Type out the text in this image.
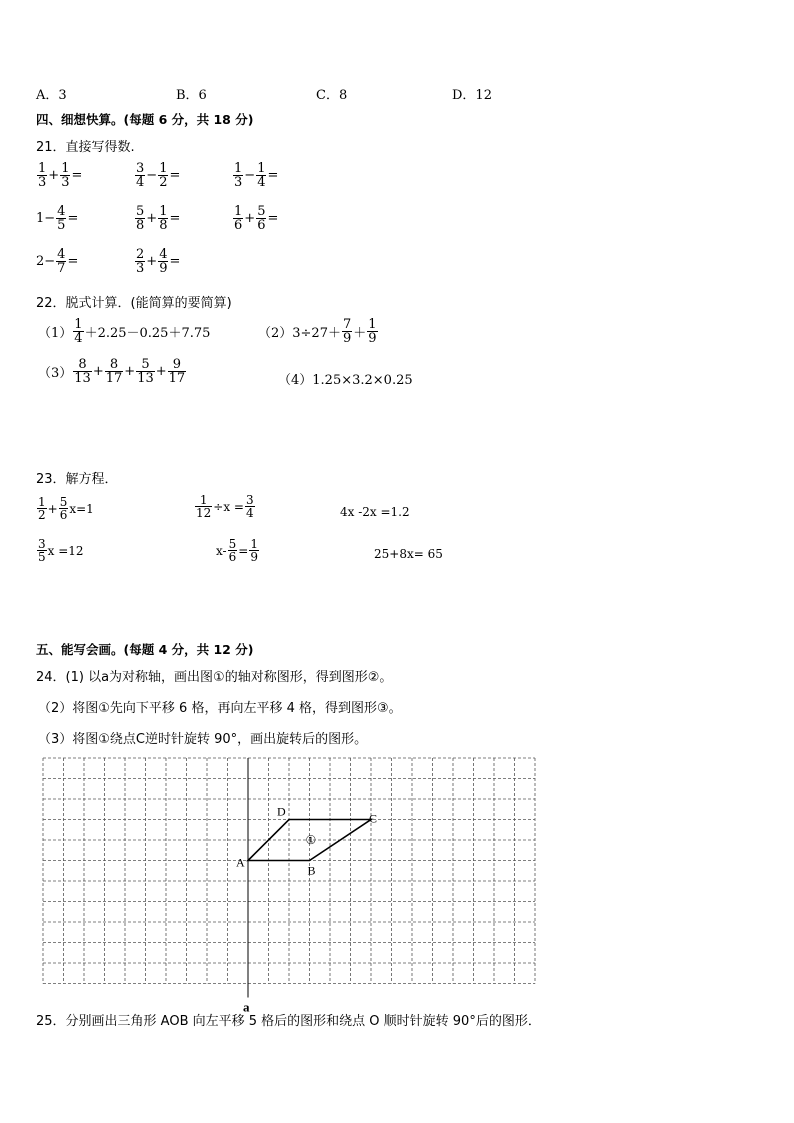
A．3	B．6	C．8	D．12
四、细想快算。(每题 6 分，共 18 分)
21．直接写得数.
$\frac{1}{3} + \frac{1}{3}$ =	$\frac{3}{4} - \frac{1}{2}$ =	$\frac{1}{3} - \frac{1}{4}$ =
$1- \frac{4}{5}$ =	$\frac{5}{8} + \frac{1}{8}$ =	$\frac{1}{6} + \frac{5}{6}$ =
$2- \frac{4}{7}$ =	$\frac{2}{3} + \frac{4}{9}$ =
22．脱式计算．(能简算的要简算)
$(1) \frac{1}{4} +2.25-0.25+7.75$	$(2)3\div 27+ \frac{7}{9} + \frac{1}{9}$
$(3) \frac{8}{13} + \frac{8}{17} + \frac{5}{13} + \frac{9}{17}$	（4）1.25×3.2×0.25
23．解方程．
$\frac{1}{2} + \frac{5}{6} x=1$	$\frac{1}{12} \div x = \frac{3}{4}$	4x -2x =1.2
$\frac{3}{5}$ x =12	$x- \frac{5}{6} = \frac{1}{9}$	25+8x= 65
五、能写会画。(每题 4 分，共 12 分)
24．(1) 以a为对称轴，画出图①的轴对称图形，得到图形②。
（2）将图①先向下平移 6 格，再向左平移 4 格，得到图形③。
（3）将图①绕点C逆时针旋转 90°，画出旋转后的图形。
A
B
C
D
①
a
25．分别画出三角形 AOB 向左平移 5 格后的图形和绕点 O 顺时针旋转 90°后的图形．
